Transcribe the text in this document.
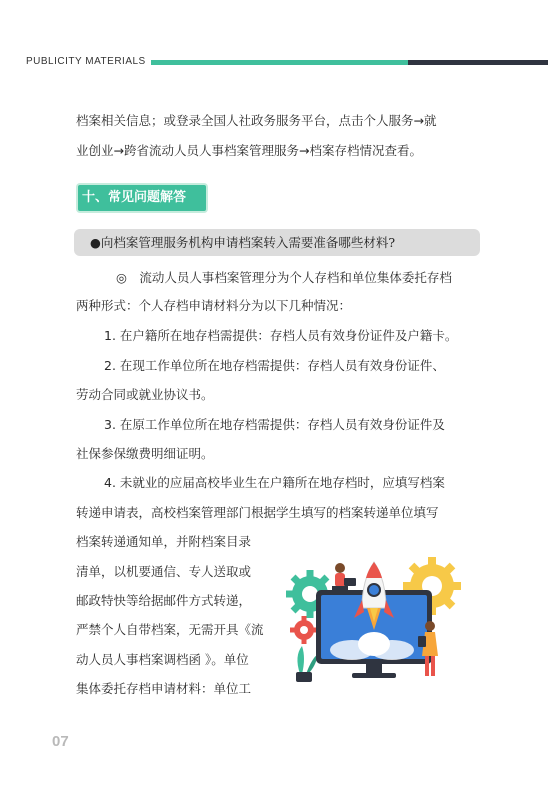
PUBLICITY MATERIALS

档案相关信息；或登录全国人社政务服务平台，点击个人服务→就

业创业→跨省流动人员人事档案管理服务→档案存档情况查看。

十、常见问题解答
●向档案管理服务机构申请档案转入需要准备哪些材料?

◎　流动人员人事档案管理分为个人存档和单位集体委托存档

两种形式：个人存档申请材料分为以下几种情况：

1. 在户籍所在地存档需提供：存档人员有效身份证件及户籍卡。

2. 在现工作单位所在地存档需提供：存档人员有效身份证件、

劳动合同或就业协议书。

3. 在原工作单位所在地存档需提供：存档人员有效身份证件及

社保参保缴费明细证明。

4. 未就业的应届高校毕业生在户籍所在地存档时，应填写档案

转递申请表，高校档案管理部门根据学生填写的档案转递单位填写

档案转递通知单，并附档案目录

清单，以机要通信、专人送取或

邮政特快等给据邮件方式转递，

严禁个人自带档案，无需开具《流

动人员人事档案调档函 》。单位

集体委托存档申请材料：单位工

07
